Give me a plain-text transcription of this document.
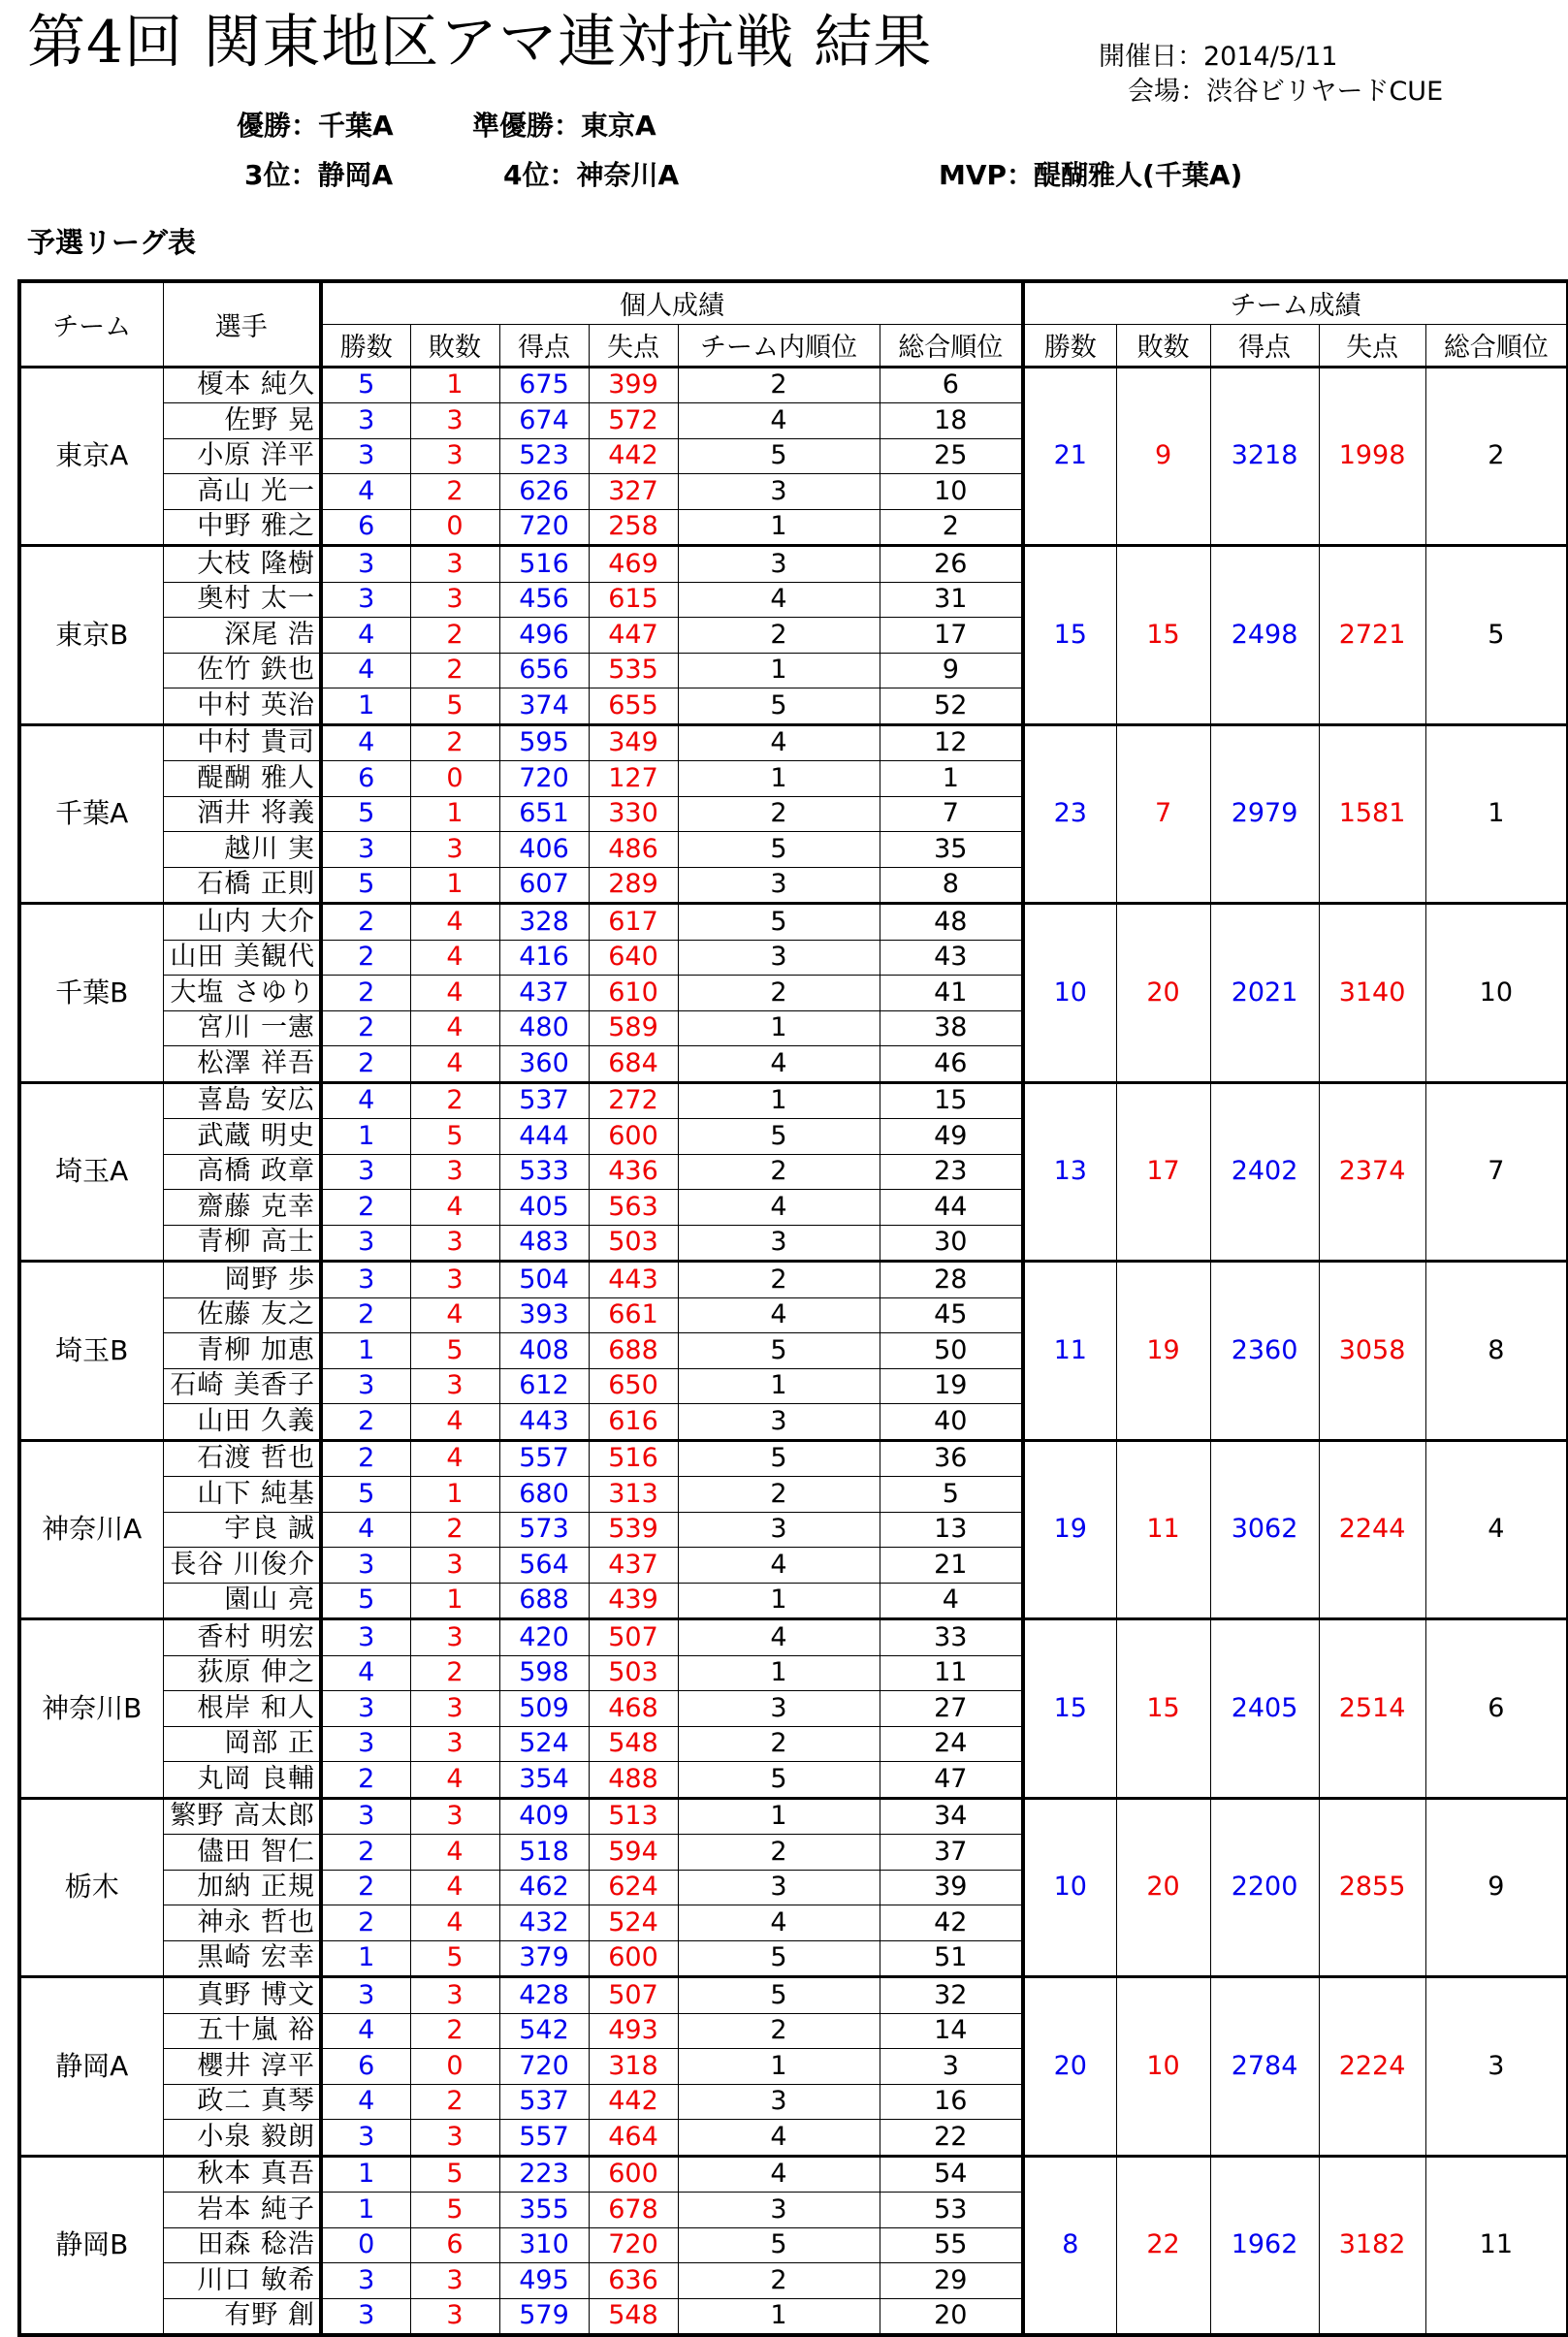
第4回 関東地区アマ連対抗戦 結果	開催日：2014/5/11
会場：渋谷ビリヤードCUE
優勝：千葉A	準優勝：東京A
3位：静岡A	4位：神奈川A	MVP：醍醐雅人(千葉A)
予選リーグ表
チーム	選手	個人成績						チーム成績				
		勝数	敗数	得点	失点	チーム内順位	総合順位	勝数	敗数	得点	失点	総合順位
東京A	榎本 純久	5	1	675	399	2	6	21	9	3218	1998	2
	佐野 晃	3	3	674	572	4	18					
	小原 洋平	3	3	523	442	5	25					
	高山 光一	4	2	626	327	3	10					
	中野 雅之	6	0	720	258	1	2					
東京B	大枝 隆樹	3	3	516	469	3	26	15	15	2498	2721	5
	奥村 太一	3	3	456	615	4	31					
	深尾 浩	4	2	496	447	2	17					
	佐竹 鉄也	4	2	656	535	1	9					
	中村 英治	1	5	374	655	5	52					
千葉A	中村 貴司	4	2	595	349	4	12	23	7	2979	1581	1
	醍醐 雅人	6	0	720	127	1	1					
	酒井 将義	5	1	651	330	2	7					
	越川 実	3	3	406	486	5	35					
	石橋 正則	5	1	607	289	3	8					
千葉B	山内 大介	2	4	328	617	5	48	10	20	2021	3140	10
	山田 美観代	2	4	416	640	3	43					
	大塩 さゆり	2	4	437	610	2	41					
	宮川 一憲	2	4	480	589	1	38					
	松澤 祥吾	2	4	360	684	4	46					
埼玉A	喜島 安広	4	2	537	272	1	15	13	17	2402	2374	7
	武蔵 明史	1	5	444	600	5	49					
	高橋 政章	3	3	533	436	2	23					
	齋藤 克幸	2	4	405	563	4	44					
	青柳 高士	3	3	483	503	3	30					
埼玉B	岡野 歩	3	3	504	443	2	28	11	19	2360	3058	8
	佐藤 友之	2	4	393	661	4	45					
	青柳 加恵	1	5	408	688	5	50					
	石崎 美香子	3	3	612	650	1	19					
	山田 久義	2	4	443	616	3	40					
神奈川A	石渡 哲也	2	4	557	516	5	36	19	11	3062	2244	4
	山下 純基	5	1	680	313	2	5					
	宇良 誠	4	2	573	539	3	13					
	長谷 川俊介	3	3	564	437	4	21					
	園山 亮	5	1	688	439	1	4					
神奈川B	香村 明宏	3	3	420	507	4	33	15	15	2405	2514	6
	荻原 伸之	4	2	598	503	1	11					
	根岸 和人	3	3	509	468	3	27					
	岡部 正	3	3	524	548	2	24					
	丸岡 良輔	2	4	354	488	5	47					
栃木	繁野 高太郎	3	3	409	513	1	34	10	20	2200	2855	9
	儘田 智仁	2	4	518	594	2	37					
	加納 正規	2	4	462	624	3	39					
	神永 哲也	2	4	432	524	4	42					
	黒崎 宏幸	1	5	379	600	5	51					
静岡A	真野 博文	3	3	428	507	5	32	20	10	2784	2224	3
	五十嵐 裕	4	2	542	493	2	14					
	櫻井 淳平	6	0	720	318	1	3					
	政二 真琴	4	2	537	442	3	16					
	小泉 毅朗	3	3	557	464	4	22					
静岡B	秋本 真吾	1	5	223	600	4	54	8	22	1962	3182	11
	岩本 純子	1	5	355	678	3	53					
	田森 稔浩	0	6	310	720	5	55					
	川口 敏希	3	3	495	636	2	29					
	有野 創	3	3	579	548	1	20					
